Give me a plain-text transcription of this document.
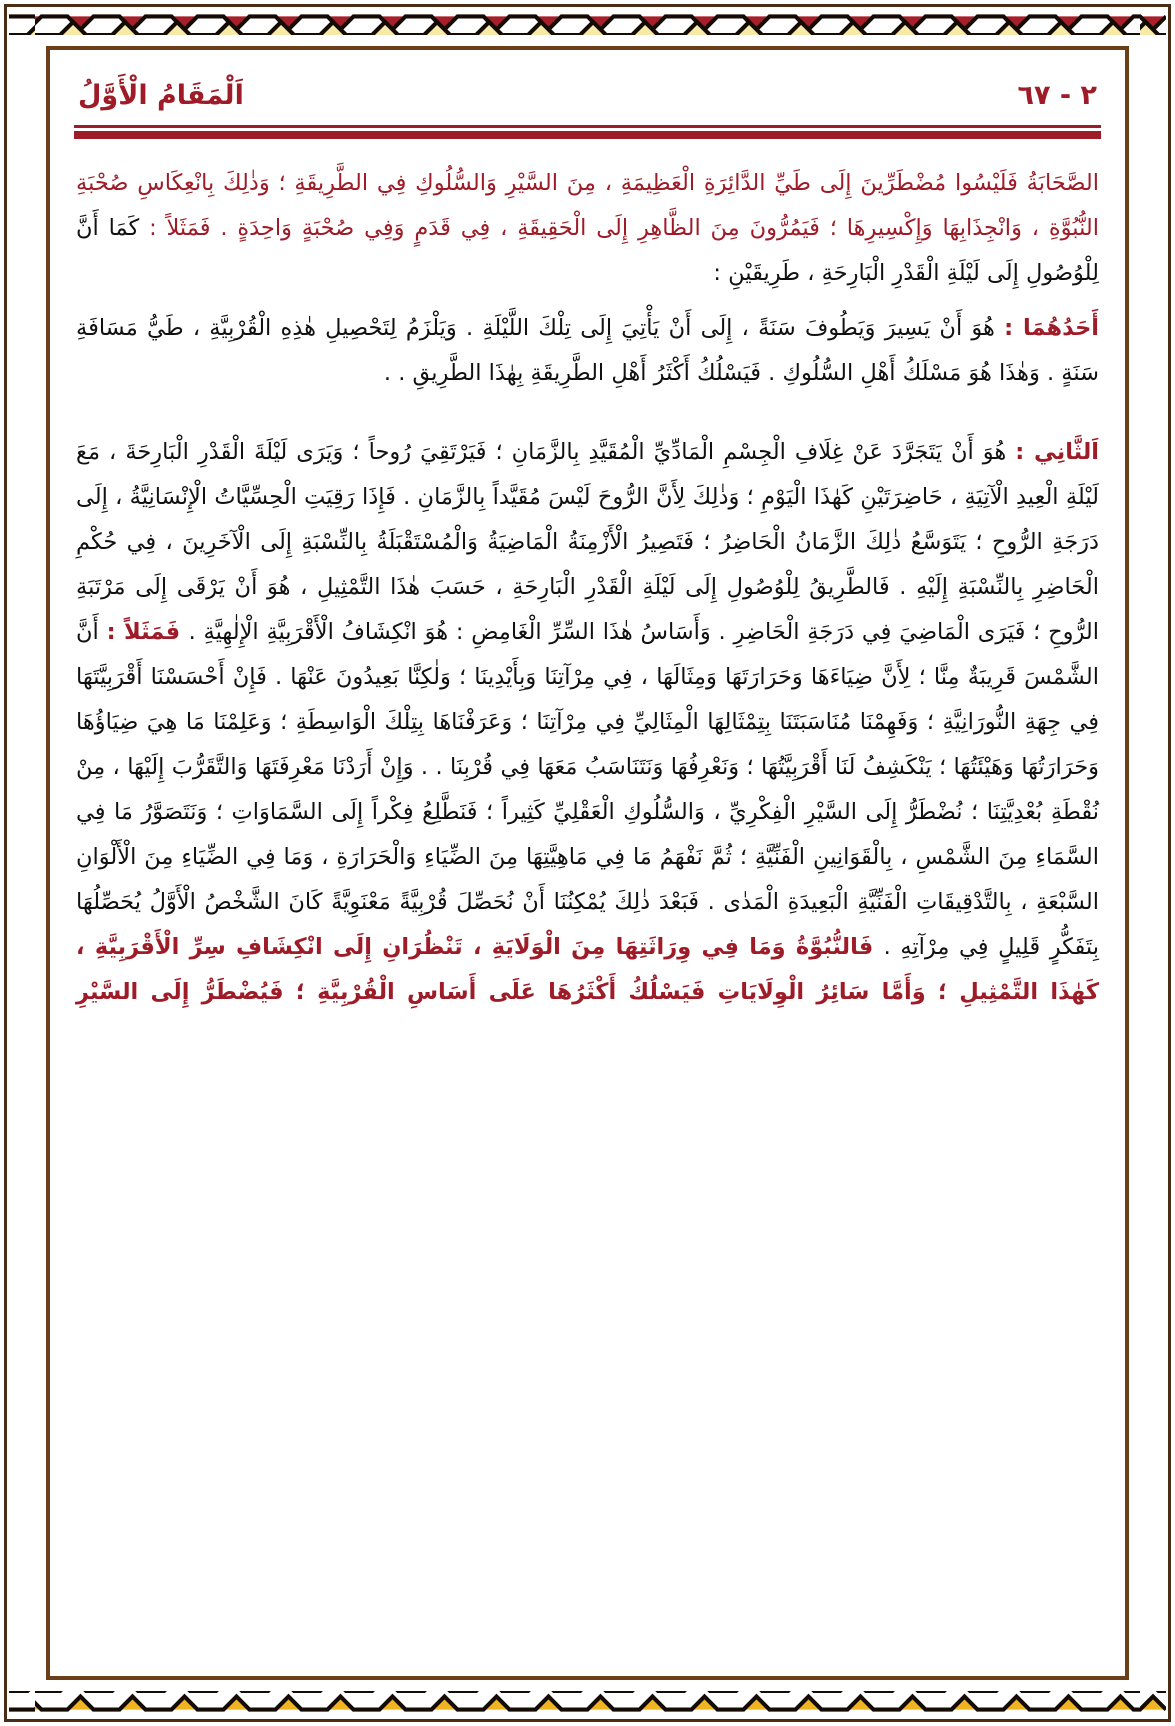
اَلْمَقَامُ الْأَوَّلُ	٢ - ٦٧

الصَّحَابَةُ فَلَيْسُوا مُضْطَرِّينَ إِلَى طَيِّ الدَّائِرَةِ الْعَظِيمَةِ ، مِنَ السَّيْرِ وَالسُّلُوكِ فِي الطَّرِيقَةِ ؛ وَذٰلِكَ بِانْعِكَاسِ صُحْبَةِ النُّبُوَّةِ ، وَانْجِذَابِهَا وَإِكْسِيرِهَا ؛ فَيَمُرُّونَ مِنَ الظَّاهِرِ إِلَى الْحَقِيقَةِ ، فِي قَدَمٍ وَفِي صُحْبَةٍ وَاحِدَةٍ . فَمَثَلاً : كَمَا أَنَّ لِلْوُصُولِ إِلَى لَيْلَةِ الْقَدْرِ الْبَارِحَةِ ، طَرِيقَيْنِ :

أَحَدُهُمَا : هُوَ أَنْ يَسِيرَ وَيَطُوفَ سَنَةً ، إِلَى أَنْ يَأْتِيَ إِلَى تِلْكَ اللَّيْلَةِ . وَيَلْزَمُ لِتَحْصِيلِ هٰذِهِ الْقُرْبِيَّةِ ، طَيُّ مَسَافَةِ سَنَةٍ . وَهٰذَا هُوَ مَسْلَكُ أَهْلِ السُّلُوكِ . فَيَسْلُكُ أَكْثَرُ أَهْلِ الطَّرِيقَةِ بِهٰذَا الطَّرِيقِ . .

اَلثَّانِي : هُوَ أَنْ يَتَجَرَّدَ عَنْ غِلَافِ الْجِسْمِ الْمَادِّيِّ الْمُقَيَّدِ بِالزَّمَانِ ؛ فَيَرْتَقِيَ رُوحاً ؛ وَيَرَى لَيْلَةَ الْقَدْرِ الْبَارِحَةَ ، مَعَ لَيْلَةِ الْعِيدِ الْآتِيَةِ ، حَاضِرَتَيْنِ كَهٰذَا الْيَوْمِ ؛ وَذٰلِكَ لِأَنَّ الرُّوحَ لَيْسَ مُقَيَّداً بِالزَّمَانِ . فَإِذَا رَقِيَتِ الْحِسِّيَّاتُ الْإِنْسَانِيَّةُ ، إِلَى دَرَجَةِ الرُّوحِ ؛ يَتَوَسَّعُ ذٰلِكَ الزَّمَانُ الْحَاضِرُ ؛ فَتَصِيرُ الْأَزْمِنَةُ الْمَاضِيَةُ وَالْمُسْتَقْبَلَةُ بِالنِّسْبَةِ إِلَى الْآخَرِينَ ، فِي حُكْمِ الْحَاضِرِ بِالنِّسْبَةِ إِلَيْهِ . فَالطَّرِيقُ لِلْوُصُولِ إِلَى لَيْلَةِ الْقَدْرِ الْبَارِحَةِ ، حَسَبَ هٰذَا التَّمْثِيلِ ، هُوَ أَنْ يَرْقَى إِلَى مَرْتَبَةِ الرُّوحِ ؛ فَيَرَى الْمَاضِيَ فِي دَرَجَةِ الْحَاضِرِ . وَأَسَاسُ هٰذَا السِّرِّ الْغَامِضِ : هُوَ انْكِشَافُ الْأَقْرَبِيَّةِ الْإِلٰهِيَّةِ . فَمَثَلاً : أَنَّ الشَّمْسَ قَرِيبَةٌ مِنَّا ؛ لِأَنَّ ضِيَاءَهَا وَحَرَارَتَهَا وَمِثَالَهَا ، فِي مِرْآتِنَا وَبِأَيْدِينَا ؛ وَلٰكِنَّا بَعِيدُونَ عَنْهَا . فَإِنْ أَحْسَسْنَا أَقْرَبِيَّتَهَا فِي جِهَةِ النُّورَانِيَّةِ ؛ وَفَهِمْنَا مُنَاسَبَتَنَا بِتِمْثَالِهَا الْمِثَالِيِّ فِي مِرْآتِنَا ؛ وَعَرَفْنَاهَا بِتِلْكَ الْوَاسِطَةِ ؛ وَعَلِمْنَا مَا هِيَ ضِيَاؤُهَا وَحَرَارَتُهَا وَهَيْئَتُهَا ؛ يَنْكَشِفُ لَنَا أَقْرَبِيَّتُهَا ؛ وَنَعْرِفُهَا وَنَتَنَاسَبُ مَعَهَا فِي قُرْبِنَا . . وَإِنْ أَرَدْنَا مَعْرِفَتَهَا وَالتَّقَرُّبَ إِلَيْهَا ، مِنْ نُقْطَةِ بُعْدِيَّتِنَا ؛ نُضْطَرُّ إِلَى السَّيْرِ الْفِكْرِيِّ ، وَالسُّلُوكِ الْعَقْلِيِّ كَثِيراً ؛ فَنَطَّلِعُ فِكْراً إِلَى السَّمَاوَاتِ ؛ وَنَتَصَوَّرُ مَا فِي السَّمَاءِ مِنَ الشَّمْسِ ، بِالْقَوَانِينِ الْفَنِّيَّةِ ؛ ثُمَّ نَفْهَمُ مَا فِي مَاهِيَّتِهَا مِنَ الضِّيَاءِ وَالْحَرَارَةِ ، وَمَا فِي الضِّيَاءِ مِنَ الْأَلْوَانِ السَّبْعَةِ ، بِالتَّدْقِيقَاتِ الْفَنِّيَّةِ الْبَعِيدَةِ الْمَدٰى . فَبَعْدَ ذٰلِكَ يُمْكِنُنَا أَنْ نُحَصِّلَ قُرْبِيَّةً مَعْنَوِيَّةً كَانَ الشَّخْصُ الْأَوَّلُ يُحَصِّلُهَا بِتَفَكُّرٍ قَلِيلٍ فِي مِرْآتِهِ . فَالنُّبُوَّةُ وَمَا فِي وِرَاثَتِهَا مِنَ الْوَلَايَةِ ، تَنْظُرَانِ إِلَى انْكِشَافِ سِرِّ الْأَقْرَبِيَّةِ ، كَهٰذَا التَّمْثِيلِ ؛ وَأَمَّا سَائِرُ الْوِلَايَاتِ فَيَسْلُكُ أَكْثَرُهَا عَلَى أَسَاسِ الْقُرْبِيَّةِ ؛ فَيُضْطَرُّ إِلَى السَّيْرِ
